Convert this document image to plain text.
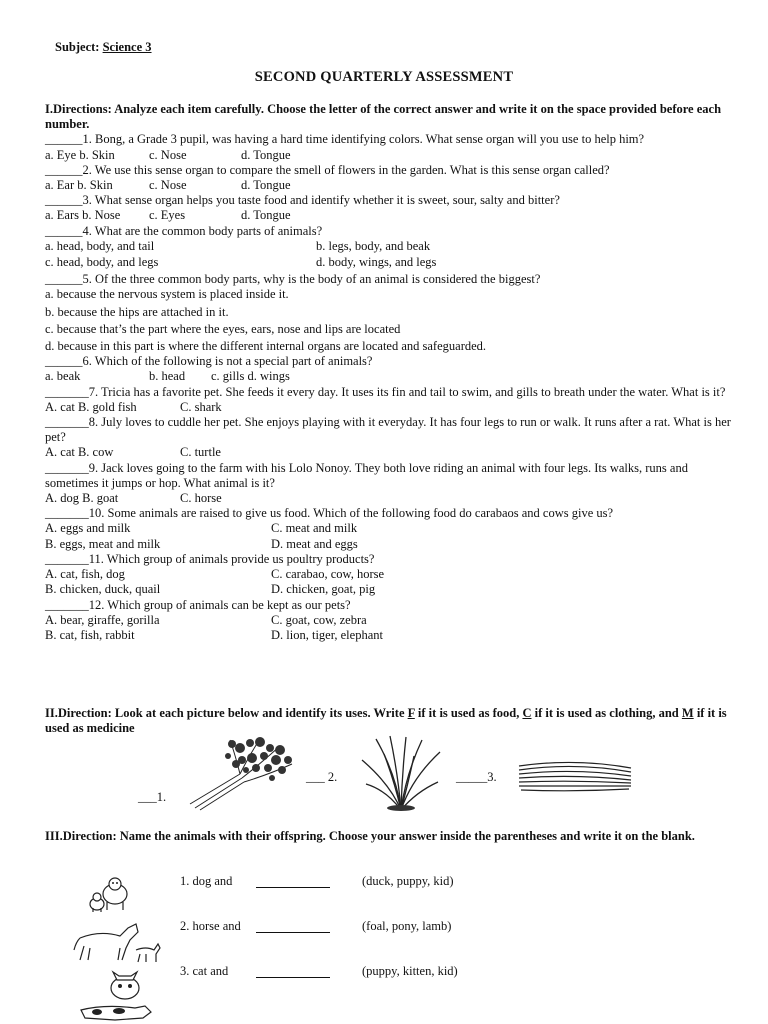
Subject: Science 3
SECOND QUARTERLY ASSESSMENT
I.Directions: Analyze each item carefully. Choose the letter of the correct answer and write it on the space provided before each number.
______1. Bong, a Grade 3 pupil, was having a hard time identifying colors. What sense organ will you use to help him?
a. Eye b. Skin	c. Nose	d. Tongue
______2. We use this sense organ to compare the smell of flowers in the garden. What is this sense organ called?
a. Ear b. Skin	c. Nose	d. Tongue
______3. What sense organ helps you taste food and identify whether it is sweet, sour, salty and bitter?
a. Ears b. Nose	c. Eyes	d. Tongue
______4. What are the common body parts of animals?
a. head, body, and tail	b. legs, body, and beak
c. head, body, and legs	d. body, wings, and legs
______5. Of the three common body parts, why is the body of an animal is considered the biggest?
a. because the nervous system is placed inside it.
b. because the hips are attached in it.
c. because that’s the part where the eyes, ears, nose and lips are located
d. because in this part is where the different internal organs are located and safeguarded.
______6. Which of the following is not a special part of animals?
a. beak	b. head	c. gills d. wings
_______7. Tricia has a favorite pet. She feeds it every day. It uses its fin and tail to swim, and gills to breath under the water. What is it?
A. cat B. gold fish	C. shark
_______8. July loves to cuddle her pet. She enjoys playing with it everyday. It has four legs to run or walk. It runs after a rat. What is her
pet?
A. cat B. cow	C. turtle
_______9. Jack loves going to the farm with his Lolo Nonoy. They both love riding an animal with four legs. Its walks, runs and sometimes it jumps or hop. What animal is it?
A. dog B. goat	C. horse
_______10. Some animals are raised to give us food. Which of the following food do carabaos and cows give us?
A. eggs and milk	C. meat and milk
B. eggs, meat and milk	D. meat and eggs
_______11. Which group of animals provide us poultry products?
A. cat, fish, dog	C. carabao, cow, horse
B. chicken, duck, quail	D. chicken, goat, pig
_______12. Which group of animals can be kept as our pets?
A. bear, giraffe, gorilla	C. goat, cow, zebra
B. cat, fish, rabbit	D. lion, tiger, elephant
II.Direction: Look at each picture below and identify its uses. Write F if it is used as food, C if it is used as clothing, and M if it is used as medicine
___1.
___ 2.	_____3.
III.Direction: Name the animals with their offspring. Choose your answer inside the parentheses and write it on the blank.
1. dog and	(duck, puppy, kid)
2. horse and	(foal, pony, lamb)
3. cat and	(puppy, kitten, kid)
